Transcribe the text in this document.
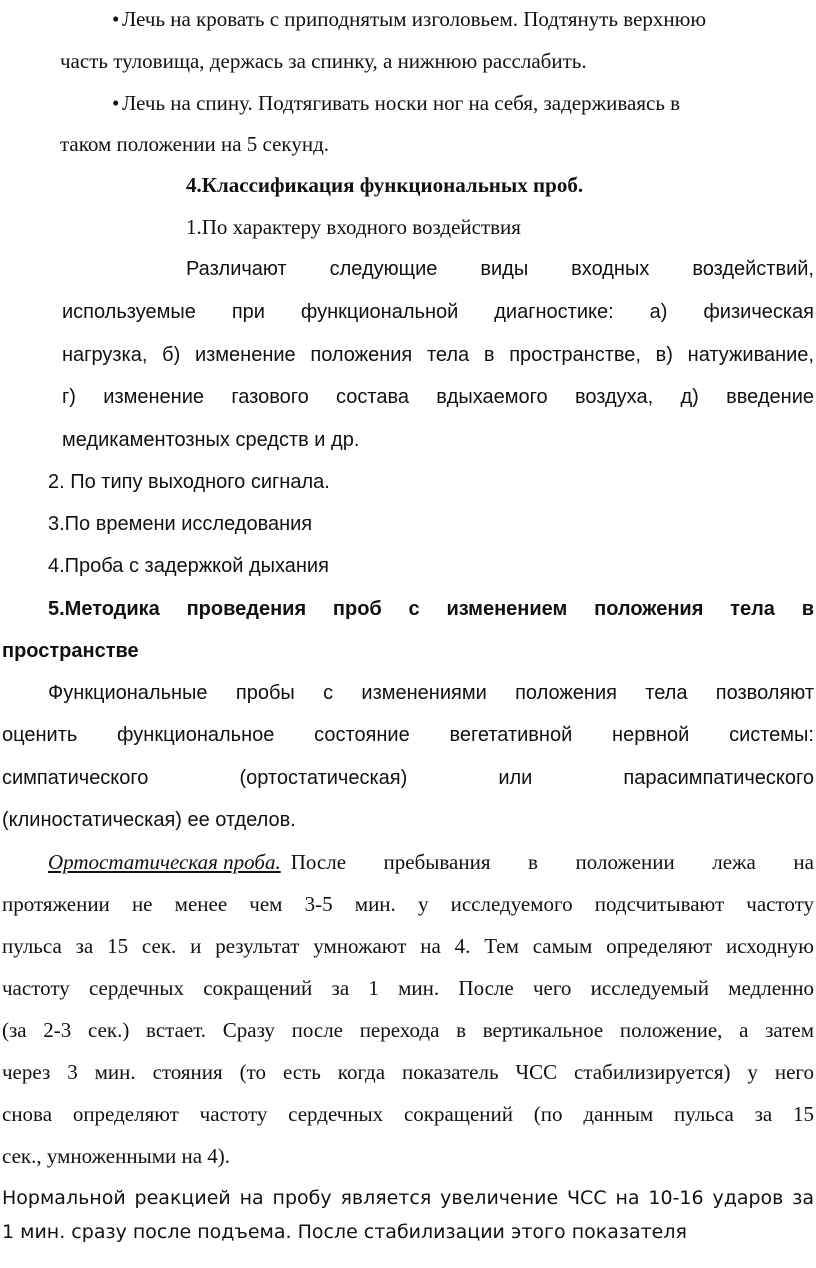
• Лечь на кровать с приподнятым изголовьем. Подтянуть верхнюю
часть туловища, держась за спинку, а нижнюю расслабить.
• Лечь на спину. Подтягивать носки ног на себя, задерживаясь в
таком положении на 5 секунд.
4.Классификация функциональных проб.
1.По характеру входного воздействия
Различают следующие виды входных воздействий,
используемые при функциональной диагностике: а) физическая
нагрузка, б) изменение положения тела в пространстве, в) натуживание,
г) изменение газового состава вдыхаемого воздуха, д) введение
медикаментозных средств и др.
2. По типу выходного сигнала.
3.По времени исследования
4.Проба с задержкой дыхания
5.Методика проведения проб с изменением положения тела в
пространстве
Функциональные пробы с изменениями положения тела позволяют
оценить функциональное состояние вегетативной нервной системы:
симпатического (ортостатическая) или парасимпатического
(клиностатическая) ее отделов.
Ортостатическая проба. После пребывания в положении лежа на
протяжении не менее чем 3-5 мин. у исследуемого подсчитывают частоту
пульса за 15 сек. и результат умножают на 4. Тем самым определяют исходную
частоту сердечных сокращений за 1 мин. После чего исследуемый медленно
(за 2-3 сек.) встает. Сразу после перехода в вертикальное положение, а затем
через 3 мин. стояния (то есть когда показатель ЧСС стабилизируется) у него
снова определяют частоту сердечных сокращений (по данным пульса за 15
сек., умноженными на 4).
Нормальной реакцией на пробу является увеличение ЧСС на 10-16 ударов за
1 мин. сразу после подъема. После стабилизации этого показателя
